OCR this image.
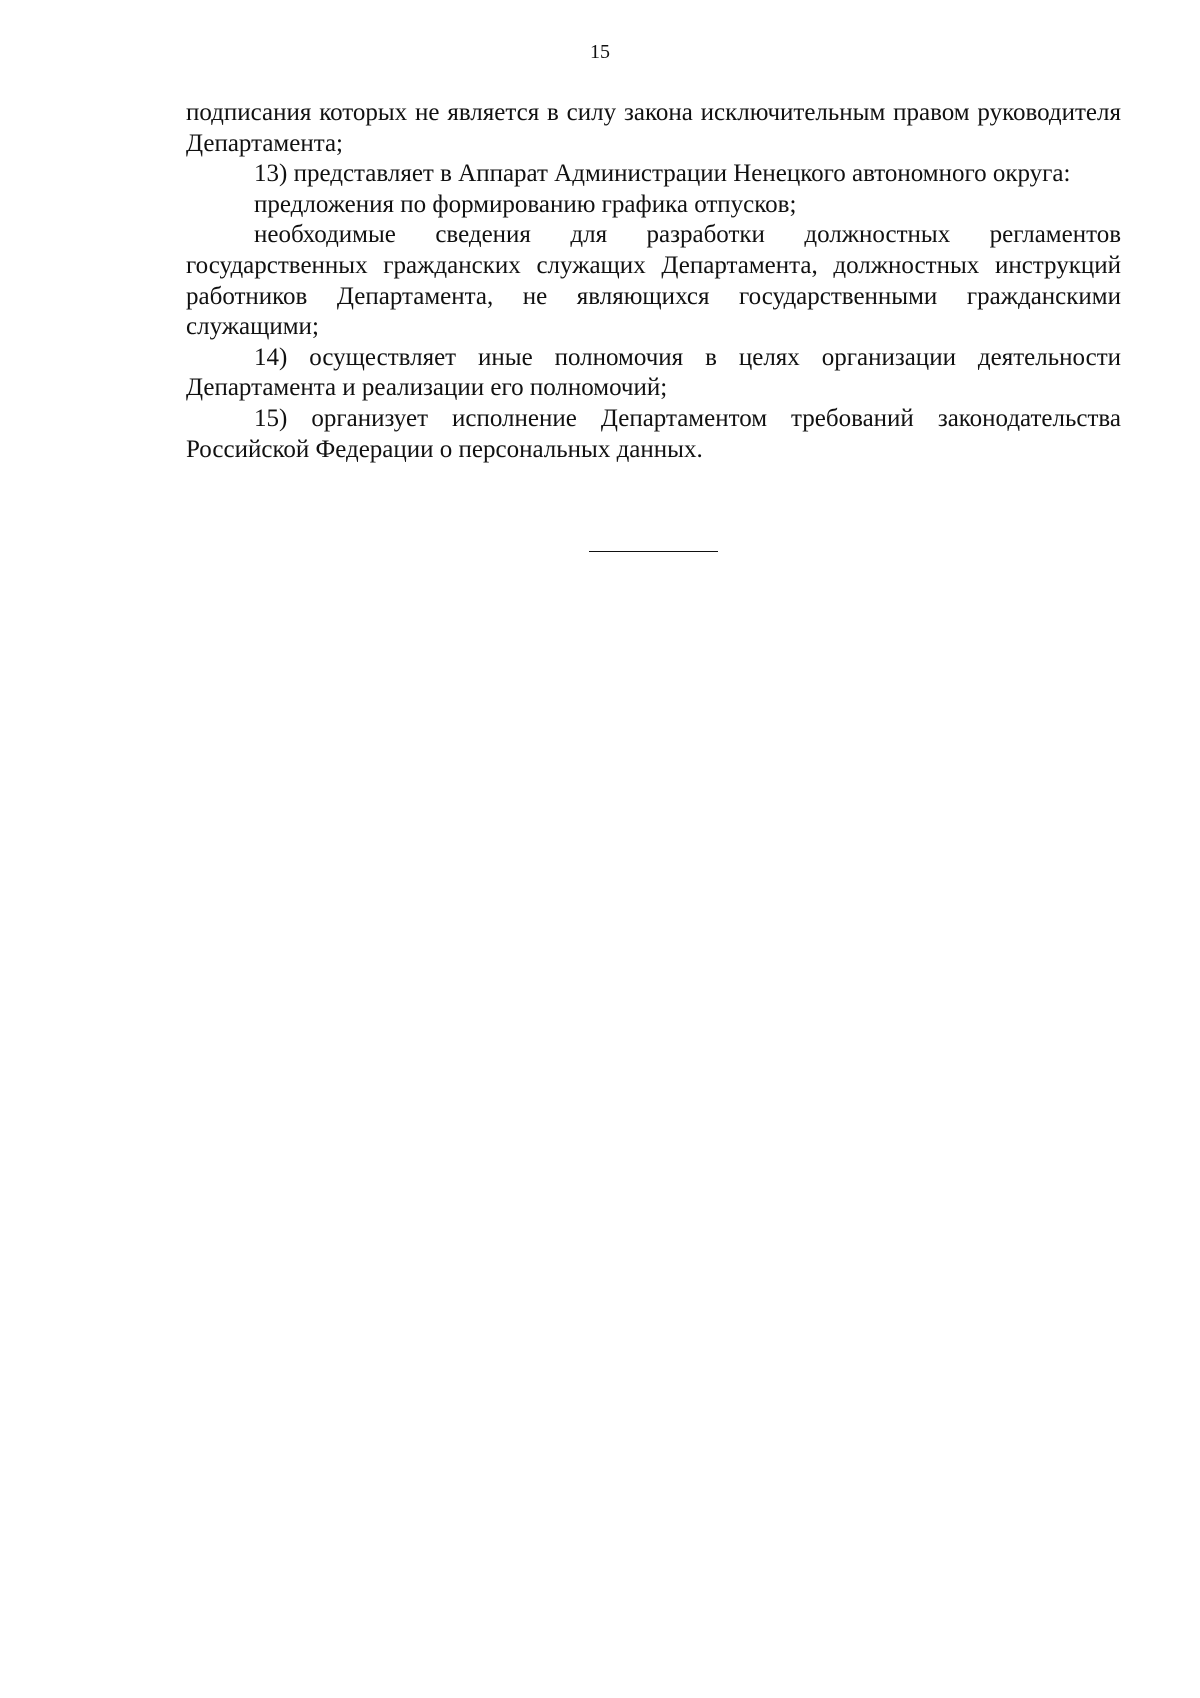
15

подписания которых не является в силу закона исключительным правом руководителя Департамента;

13) представляет в Аппарат Администрации Ненецкого автономного округа:

предложения по формированию графика отпусков;

необходимые сведения для разработки должностных регламентов государственных гражданских служащих Департамента, должностных инструкций работников Департамента, не являющихся государственными гражданскими служащими;

14) осуществляет иные полномочия в целях организации деятельности Департамента и реализации его полномочий;

15) организует исполнение Департаментом требований законодательства Российской Федерации о персональных данных.
